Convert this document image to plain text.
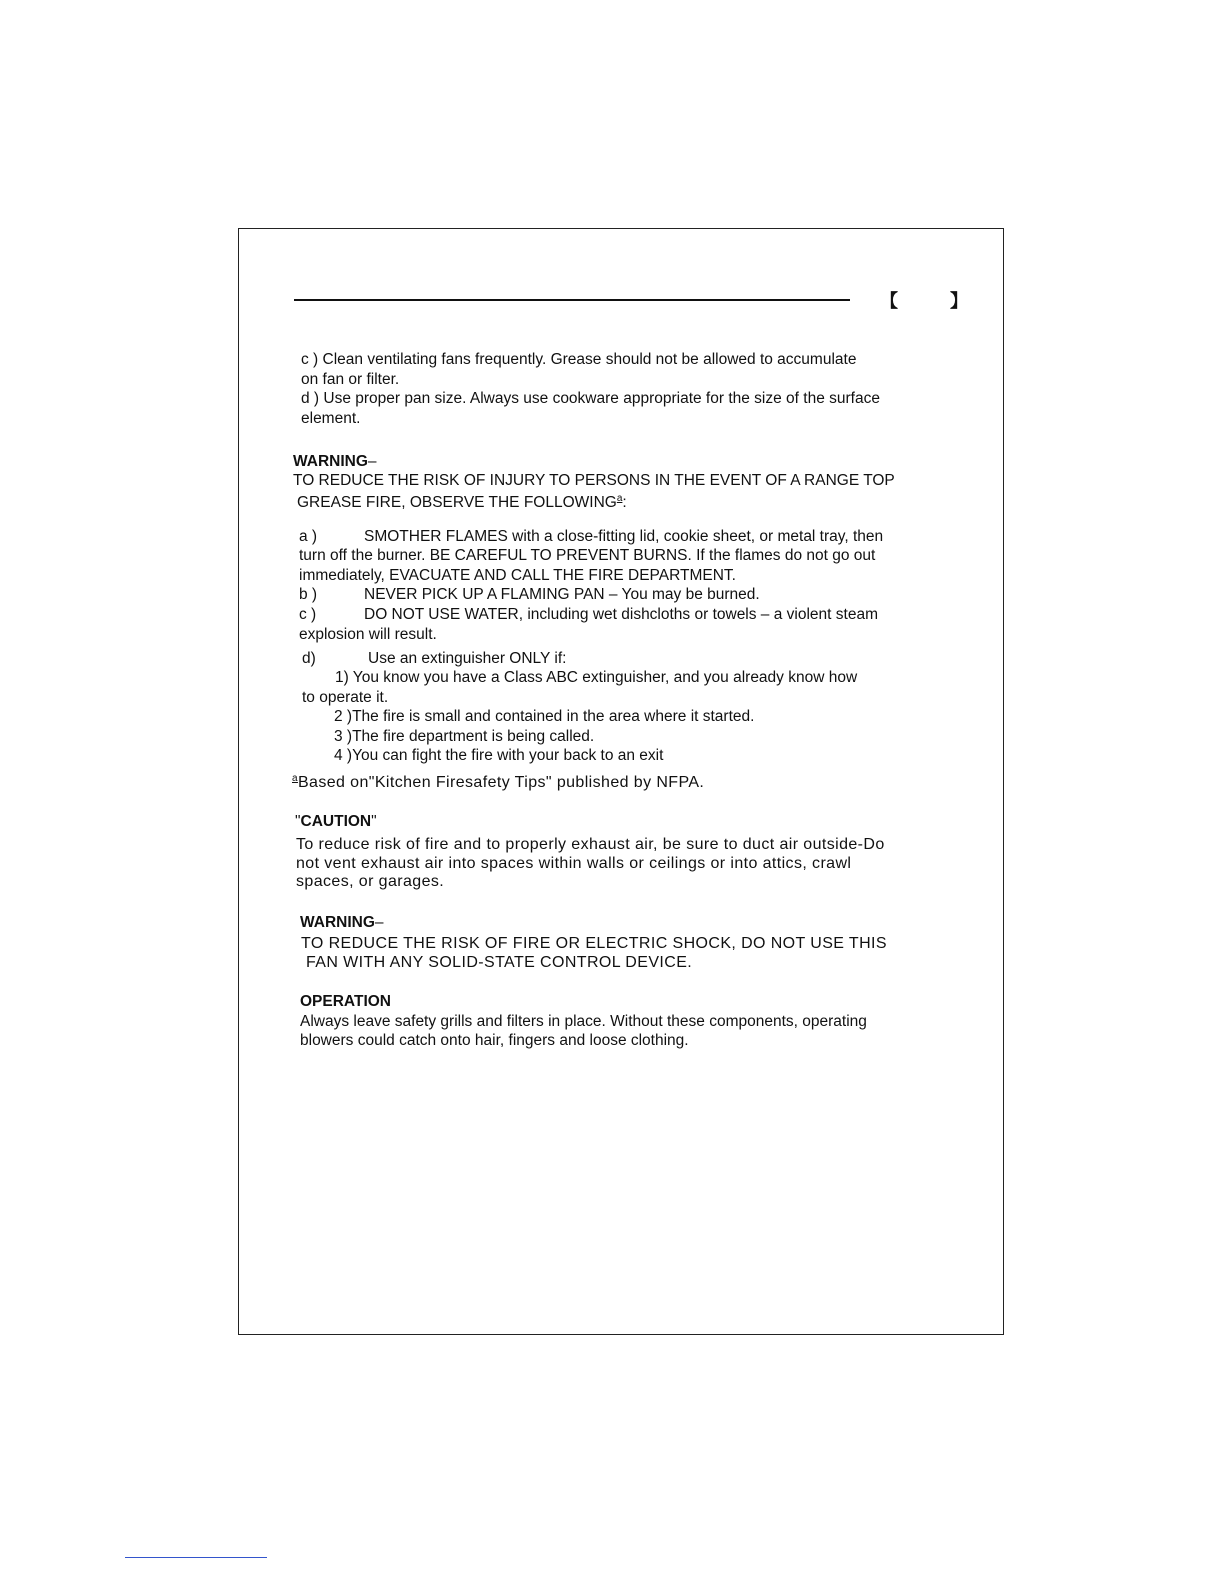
【	】
c ) Clean ventilating fans frequently. Grease should not be allowed to accumulate
on fan or filter.
d ) Use proper pan size. Always use cookware appropriate for the size of the surface
element.
WARNING–
TO REDUCE THE RISK OF INJURY TO PERSONS IN THE EVENT OF A RANGE TOP
GREASE FIRE, OBSERVE THE FOLLOWING$^a$:
a )	SMOTHER FLAMES with a close-fitting lid, cookie sheet, or metal tray, then
turn off the burner. BE CAREFUL TO PREVENT BURNS. If the flames do not go out
immediately, EVACUATE AND CALL THE FIRE DEPARTMENT.
b )	NEVER PICK UP A FLAMING PAN – You may be burned.
c )	DO NOT USE WATER, including wet dishcloths or towels – a violent steam
explosion will result.
d)	Use an extinguisher ONLY if:
1) You know you have a Class ABC extinguisher, and you already know how
to operate it.
2 )The fire is small and contained in the area where it started.
3 )The fire department is being called.
4 )You can fight the fire with your back to an exit
$^a$Based on"Kitchen Firesafety Tips" published by NFPA.
"CAUTION"
To reduce risk of fire and to properly exhaust air, be sure to duct air outside-Do
not vent exhaust air into spaces within walls or ceilings or into attics, crawl
spaces, or garages.
WARNING–
TO REDUCE THE RISK OF FIRE OR ELECTRIC SHOCK, DO NOT USE THIS
FAN WITH ANY SOLID-STATE CONTROL DEVICE.
OPERATION
Always leave safety grills and filters in place. Without these components, operating
blowers could catch onto hair, fingers and loose clothing.
